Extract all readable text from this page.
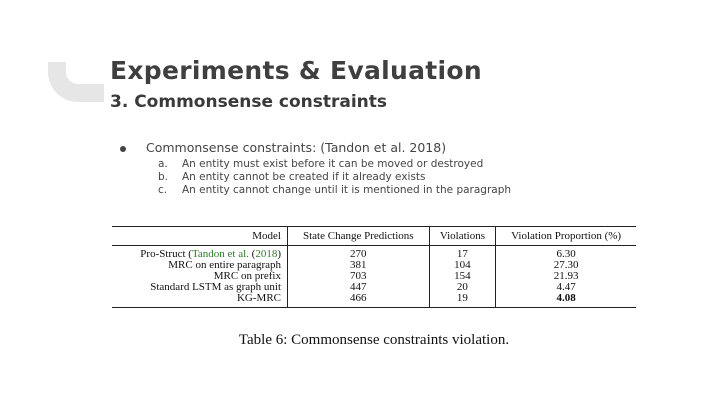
Experiments & Evaluation
3. Commonsense constraints
Commonsense constraints: (Tandon et al. 2018)
a.	An entity must exist before it can be moved or destroyed
b.	An entity cannot be created if it already exists
c.	An entity cannot change until it is mentioned in the paragraph
Model	State Change Predictions	Violations	Violation Proportion (%)
Pro-Struct (Tandon et al. (2018)	270	17	6.30
MRC on entire paragraph	381	104	27.30
MRC on prefix	703	154	21.93
Standard LSTM as graph unit	447	20	4.47
KG-MRC	466	19	4.08
Table 6: Commonsense constraints violation.
